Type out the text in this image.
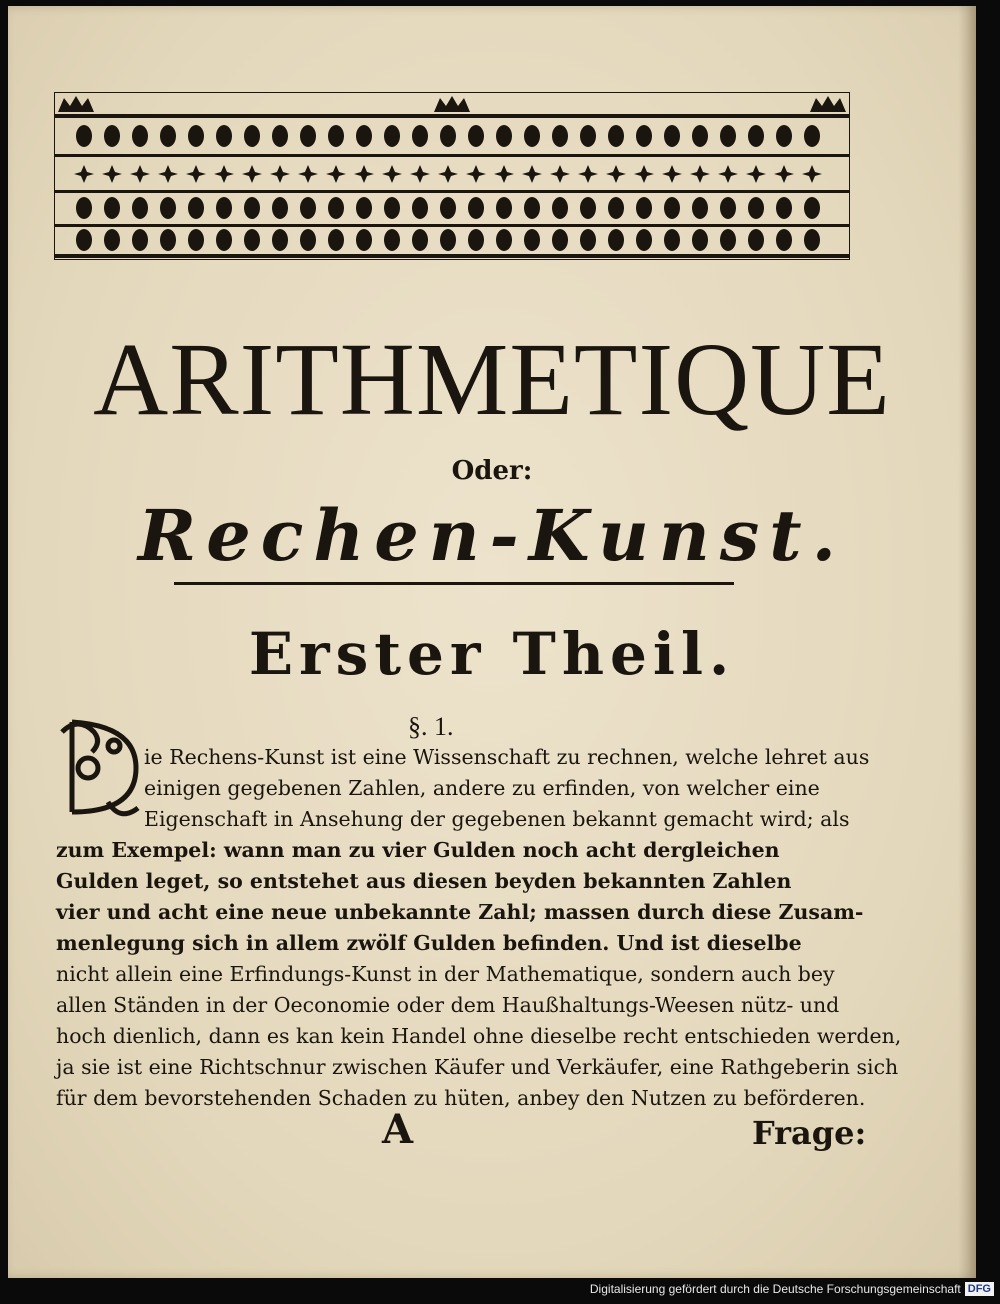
ARITHMETIQUE
Oder:
Rechen-Kunst.
Erster Theil.
§. 1.
ie Rechens-Kunst ist eine Wissenschaft zu rechnen, welche lehret aus
einigen gegebenen Zahlen, andere zu erfinden, von welcher eine
Eigenschaft in Ansehung der gegebenen bekannt gemacht wird; als
zum Exempel: wann man zu vier Gulden noch acht dergleichen
Gulden leget, so entstehet aus diesen beyden bekannten Zahlen
vier und acht eine neue unbekannte Zahl; massen durch diese Zusam-
menlegung sich in allem zwölf Gulden befinden. Und ist dieselbe
nicht allein eine Erfindungs-Kunst in der Mathematique, sondern auch bey
allen Ständen in der Oeconomie oder dem Haußhaltungs-Weesen nütz- und
hoch dienlich, dann es kan kein Handel ohne dieselbe recht entschieden werden,
ja sie ist eine Richtschnur zwischen Käufer und Verkäufer, eine Rathgeberin sich
für dem bevorstehenden Schaden zu hüten, anbey den Nutzen zu beförderen.
A	Frage:
Digitalisierung gefördert durch die Deutsche Forschungsgemeinschaft DFG
